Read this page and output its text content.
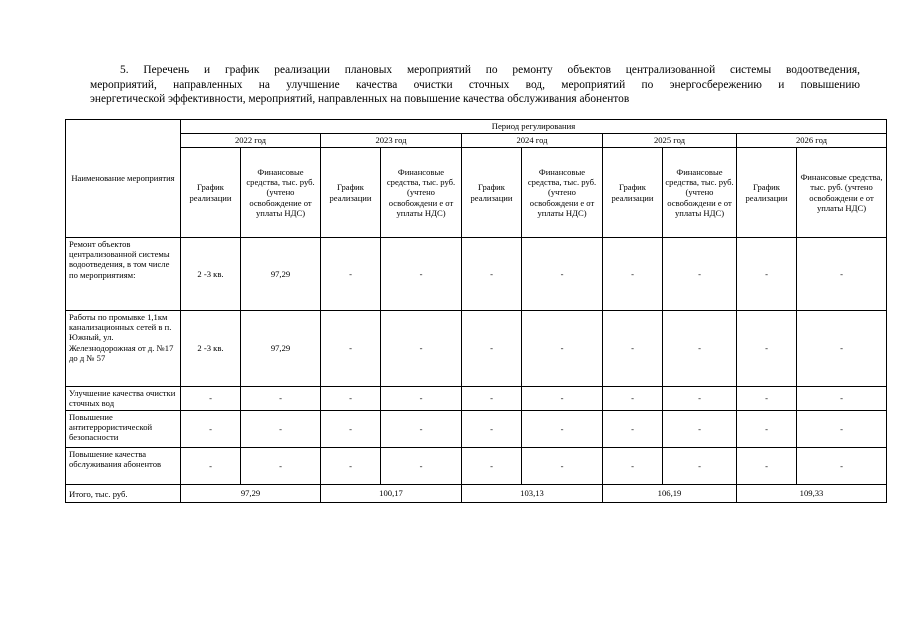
5. Перечень и график реализации плановых мероприятий по ремонту объектов централизованной системы водоотведения,
мероприятий, направленных на улучшение качества очистки сточных вод, мероприятий по энергосбережению и повышению
энергетической эффективности, мероприятий, направленных на повышение качества обслуживания абонентов
Наименование мероприятия	Период регулирования									
	2022 год		2023 год		2024 год		2025 год		2026 год	
	График реализации	Финансовые средства, тыс. руб. (учтено освобождение от уплаты НДС)	График реализации	Финансовые средства, тыс. руб. (учтено освобождени е от уплаты НДС)	График реализации	Финансовые средства, тыс. руб. (учтено освобождени е от уплаты НДС)	График реализации	Финансовые средства, тыс. руб. (учтено освобождени е от уплаты НДС)	График реализации	Финансовые средства, тыс. руб. (учтено освобождени е от уплаты НДС)
Ремонт объектов централизованной системы водоотведения, в том числе по мероприятиям:	2 -3 кв.	97,29	-	-	-	-	-	-	-	-
Работы по промывке 1,1км канализационных сетей в п. Южный, ул. Железнодорожная от д. №17 до д № 57	2 -3 кв.	97,29	-	-	-	-	-	-	-	-
Улучшение качества очистки сточных вод	-	-	-	-	-	-	-	-	-	-
Повышение антитеррористической безопасности	-	-	-	-	-	-	-	-	-	-
Повышение качества обслуживания абонентов	-	-	-	-	-	-	-	-	-	-
Итого, тыс. руб.	97,29		100,17		103,13		106,19		109,33	
